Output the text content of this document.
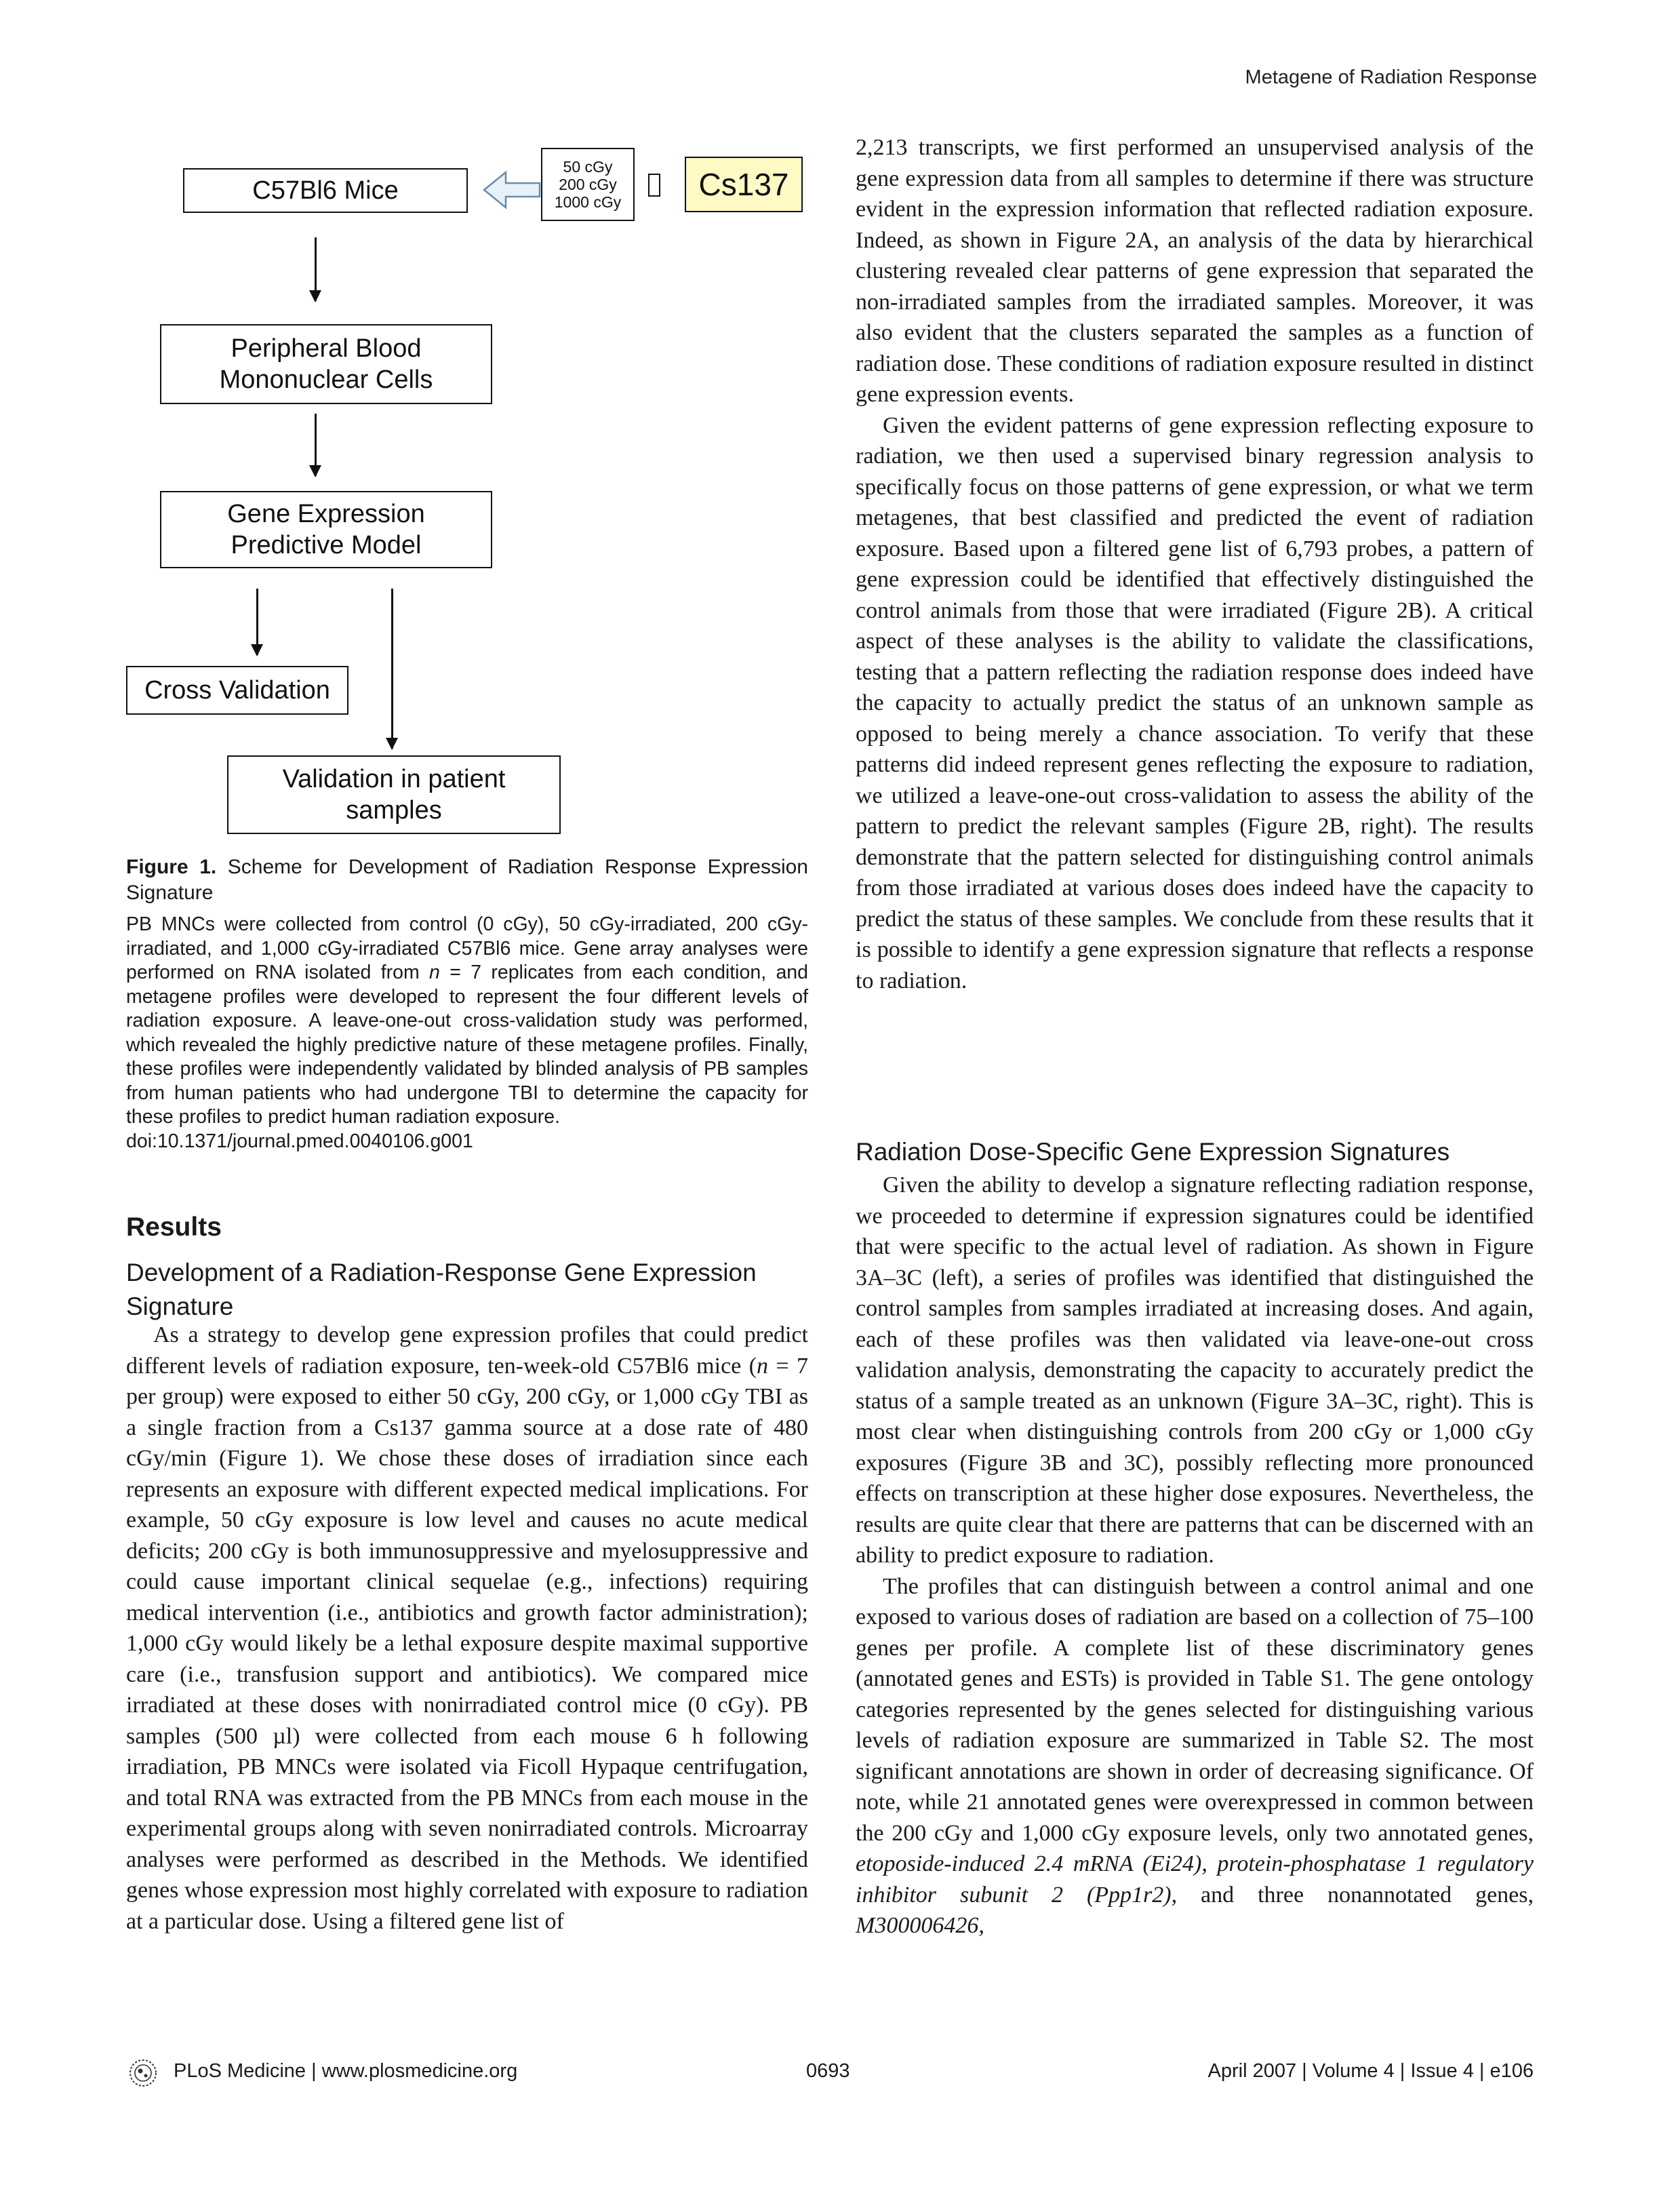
Metagene of Radiation Response
C57Bl6 Mice
50 cGy
200 cGy
1000 cGy	Cs137
Peripheral Blood
Mononuclear Cells
Gene Expression
Predictive Model
Cross Validation
Validation in patient
samples
Figure 1. Scheme for Development of Radiation Response Expression Signature
PB MNCs were collected from control (0 cGy), 50 cGy-irradiated, 200 cGy-irradiated, and 1,000 cGy-irradiated C57Bl6 mice. Gene array analyses were performed on RNA isolated from n = 7 replicates from each condition, and metagene profiles were developed to represent the four different levels of radiation exposure. A leave-one-out cross-validation study was performed, which revealed the highly predictive nature of these metagene profiles. Finally, these profiles were independently validated by blinded analysis of PB samples from human patients who had undergone TBI to determine the capacity for these profiles to predict human radiation exposure.
doi:10.1371/journal.pmed.0040106.g001
Results
Development of a Radiation-Response Gene Expression Signature

As a strategy to develop gene expression profiles that could predict different levels of radiation exposure, ten-week-old C57Bl6 mice (n = 7 per group) were exposed to either 50 cGy, 200 cGy, or 1,000 cGy TBI as a single fraction from a Cs137 gamma source at a dose rate of 480 cGy/min (Figure 1). We chose these doses of irradiation since each represents an exposure with different expected medical implications. For example, 50 cGy exposure is low level and causes no acute medical deficits; 200 cGy is both immunosuppressive and myelosuppressive and could cause important clinical sequelae (e.g., infections) requiring medical intervention (i.e., antibiotics and growth factor administration); 1,000 cGy would likely be a lethal exposure despite maximal supportive care (i.e., transfusion support and antibiotics). We compared mice irradiated at these doses with nonirradiated control mice (0 cGy). PB samples (500 µl) were collected from each mouse 6 h following irradiation, PB MNCs were isolated via Ficoll Hypaque centrifugation, and total RNA was extracted from the PB MNCs from each mouse in the experimental groups along with seven nonirradiated controls. Microarray analyses were performed as described in the Methods. We identified genes whose expression most highly correlated with exposure to radiation at a particular dose. Using a filtered gene list of

2,213 transcripts, we first performed an unsupervised analysis of the gene expression data from all samples to determine if there was structure evident in the expression information that reflected radiation exposure. Indeed, as shown in Figure 2A, an analysis of the data by hierarchical clustering revealed clear patterns of gene expression that separated the non-irradiated samples from the irradiated samples. Moreover, it was also evident that the clusters separated the samples as a function of radiation dose. These conditions of radiation exposure resulted in distinct gene expression events.

Given the evident patterns of gene expression reflecting exposure to radiation, we then used a supervised binary regression analysis to specifically focus on those patterns of gene expression, or what we term metagenes, that best classified and predicted the event of radiation exposure. Based upon a filtered gene list of 6,793 probes, a pattern of gene expression could be identified that effectively distinguished the control animals from those that were irradiated (Figure 2B). A critical aspect of these analyses is the ability to validate the classifications, testing that a pattern reflecting the radiation response does indeed have the capacity to actually predict the status of an unknown sample as opposed to being merely a chance association. To verify that these patterns did indeed represent genes reflecting the exposure to radiation, we utilized a leave-one-out cross-validation to assess the ability of the pattern to predict the relevant samples (Figure 2B, right). The results demonstrate that the pattern selected for distinguishing control animals from those irradiated at various doses does indeed have the capacity to predict the status of these samples. We conclude from these results that it is possible to identify a gene expression signature that reflects a response to radiation.

Radiation Dose-Specific Gene Expression Signatures

Given the ability to develop a signature reflecting radiation response, we proceeded to determine if expression signatures could be identified that were specific to the actual level of radiation. As shown in Figure 3A–3C (left), a series of profiles was identified that distinguished the control samples from samples irradiated at increasing doses. And again, each of these profiles was then validated via leave-one-out cross validation analysis, demonstrating the capacity to accurately predict the status of a sample treated as an unknown (Figure 3A–3C, right). This is most clear when distinguishing controls from 200 cGy or 1,000 cGy exposures (Figure 3B and 3C), possibly reflecting more pronounced effects on transcription at these higher dose exposures. Nevertheless, the results are quite clear that there are patterns that can be discerned with an ability to predict exposure to radiation.

The profiles that can distinguish between a control animal and one exposed to various doses of radiation are based on a collection of 75–100 genes per profile. A complete list of these discriminatory genes (annotated genes and ESTs) is provided in Table S1. The gene ontology categories represented by the genes selected for distinguishing various levels of radiation exposure are summarized in Table S2. The most significant annotations are shown in order of decreasing significance. Of note, while 21 annotated genes were overexpressed in common between the 200 cGy and 1,000 cGy exposure levels, only two annotated genes, etoposide-induced 2.4 mRNA (Ei24), protein-phosphatase 1 regulatory inhibitor subunit 2 (Ppp1r2), and three nonannotated genes, M300006426,

PLoS Medicine | www.plosmedicine.org	0693	April 2007 | Volume 4 | Issue 4 | e106
